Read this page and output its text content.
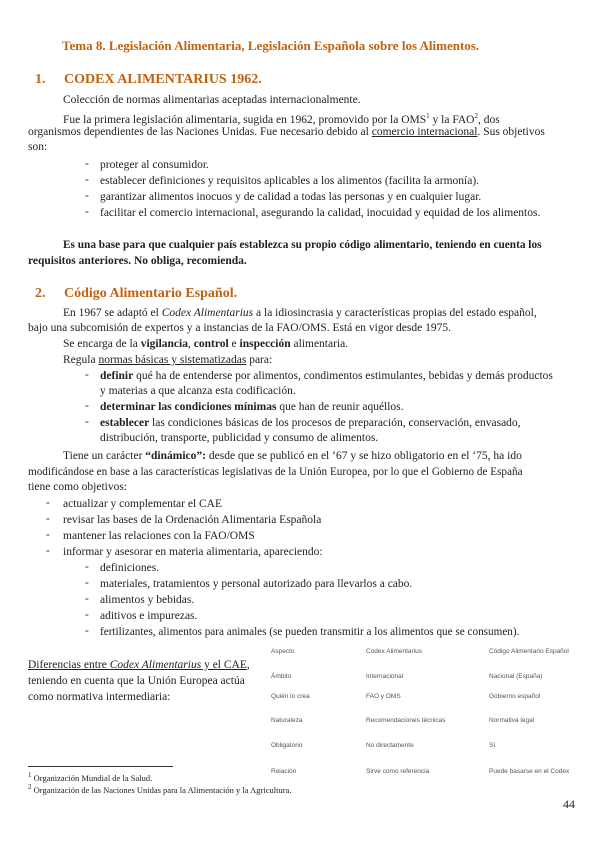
Tema 8. Legislación Alimentaria, Legislación Española sobre los Alimentos.
1. CODEX ALIMENTARIUS 1962.
Colección de normas alimentarias aceptadas internacionalmente.
Fue la primera legislación alimentaria, sugida en 1962, promovido por la OMS$^1$ y la FAO$^2$, dos
organismos dependientes de las Naciones Unidas. Fue necesario debido al comercio internacional. Sus objetivos
son:
- proteger al consumidor.
- establecer definiciones y requisitos aplicables a los alimentos (facilita la armonía).
- garantizar alimentos inocuos y de calidad a todas las personas y en cualquier lugar.
- facilitar el comercio internacional, asegurando la calidad, inocuidad y equidad de los alimentos.
Es una base para que cualquier país establezca su propio código alimentario, teniendo en cuenta los
requisitos anteriores. No obliga, recomienda.
2. Código Alimentario Español.
En 1967 se adaptó el Codex Alimentarius a la idiosincrasia y características propias del estado español,
bajo una subcomisión de expertos y a instancias de la FAO/OMS. Está en vigor desde 1975.
Se encarga de la vigilancia, control e inspección alimentaria.
Regula normas básicas y sistematizadas para:
- definir qué ha de entenderse por alimentos, condimentos estimulantes, bebidas y demás productos
y materias a que alcanza esta codificación.
- determinar las condiciones mínimas que han de reunir aquéllos.
- establecer las condiciones básicas de los procesos de preparación, conservación, envasado,
distribución, transporte, publicidad y consumo de alimentos.
Tiene un carácter “dinámico”: desde que se publicó en el ‘67 y se hizo obligatorio en el ‘75, ha ido
modificándose en base a las características legislativas de la Unión Europea, por lo que el Gobierno de España
tiene como objetivos:
- actualizar y complementar el CAE
- revisar las bases de la Ordenación Alimentaria Española
- mantener las relaciones con la FAO/OMS
- informar y asesorar en materia alimentaria, apareciendo:
- definiciones.
- materiales, tratamientos y personal autorizado para llevarlos a cabo.
- alimentos y bebidas.
- aditivos e impurezas.
- fertilizantes, alimentos para animales (se pueden transmitir a los alimentos que se consumen).
Diferencias entre Codex Alimentarius y el CAE,
teniendo en cuenta que la Unión Europea actúa
como normativa intermediaria:
Aspecto	Codex Alimentarius	Código Alimentario Español
Ámbito	Internacional	Nacional (España)
Quién lo crea	FAO y OMS	Gobierno español
Naturaleza	Recomendaciones técnicas	Normativa legal
Obligatorio	No directamente	Sí
Relación	Sirve como referencia	Puede basarse en el Codex
$^1$ Organización Mundial de la Salud.
$^2$ Organización de las Naciones Unidas para la Alimentación y la Agricultura.
44
